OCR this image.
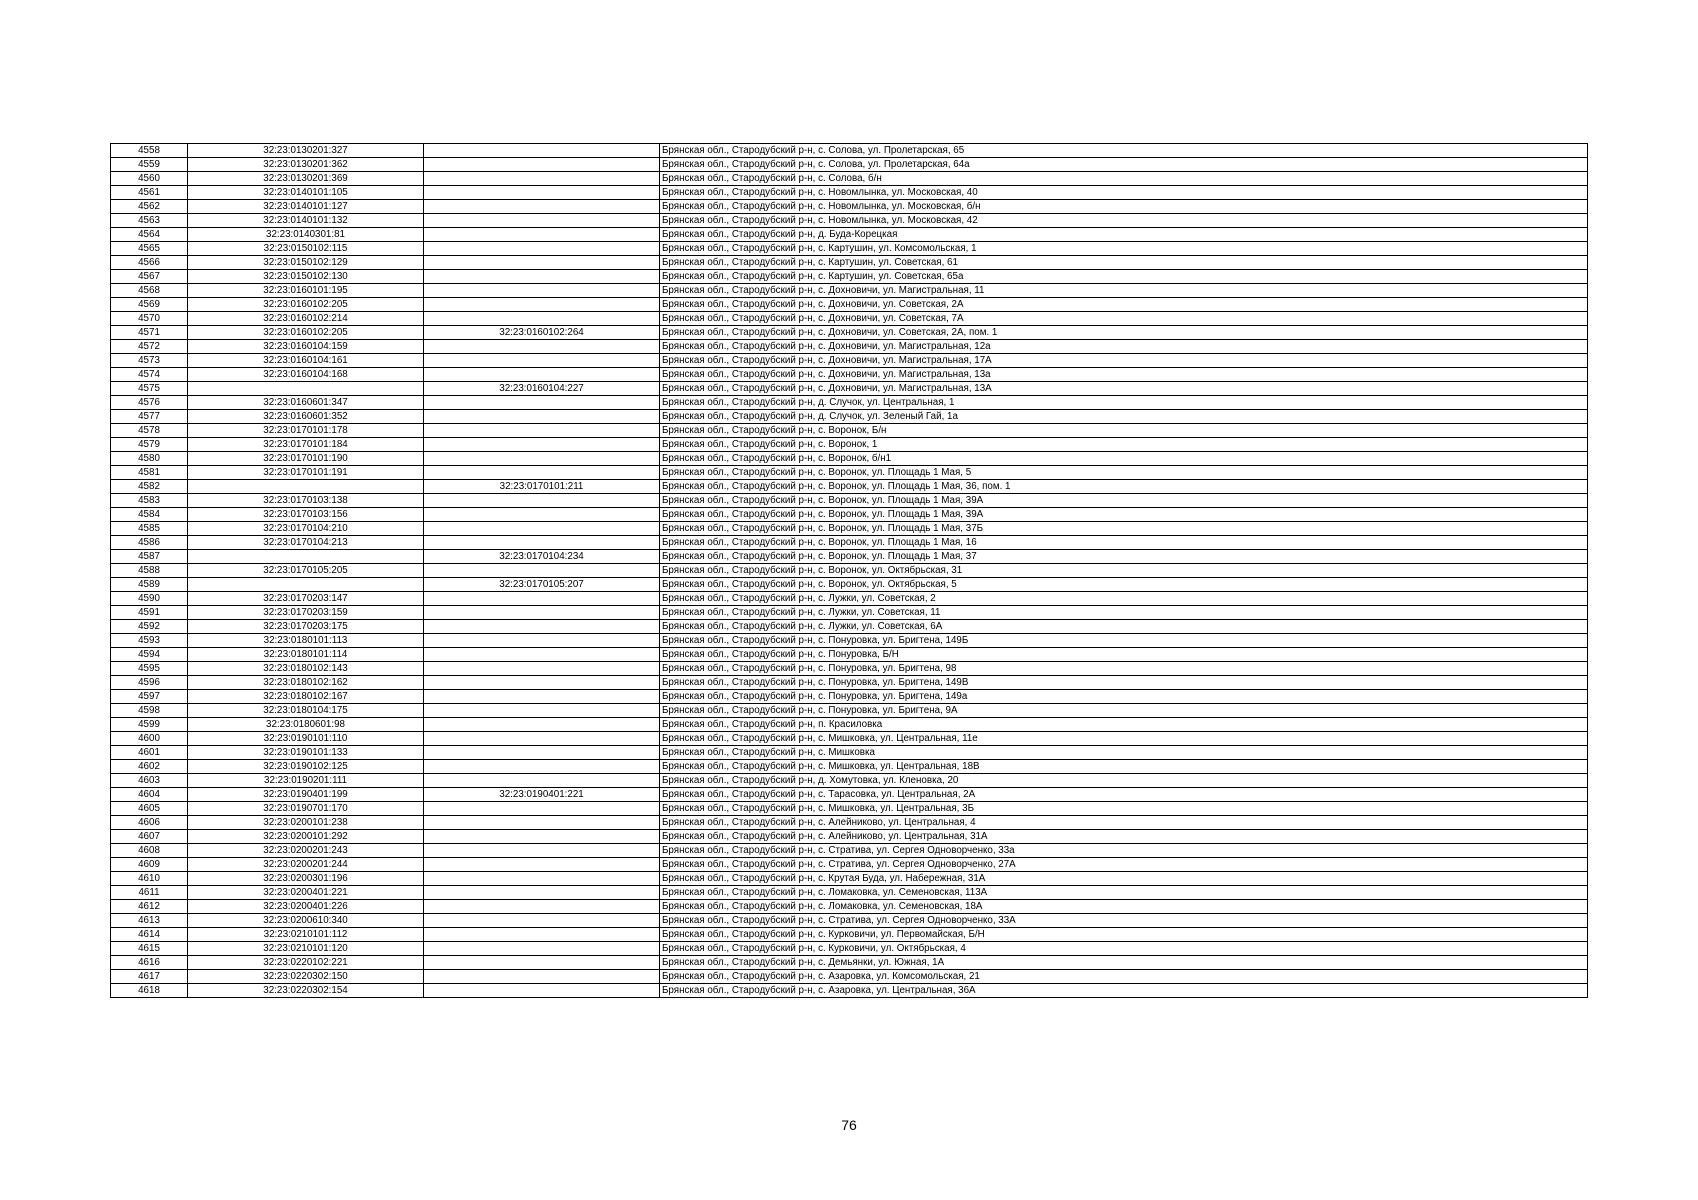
4558	32:23:0130201:327		Брянская обл., Стародубский р-н, с. Солова, ул. Пролетарская, 65
4559	32:23:0130201:362		Брянская обл., Стародубский р-н, с. Солова, ул. Пролетарская, 64а
4560	32:23:0130201:369		Брянская обл., Стародубский р-н, с. Солова, б/н
4561	32:23:0140101:105		Брянская обл., Стародубский р-н, с. Новомлынка, ул. Московская, 40
4562	32:23:0140101:127		Брянская обл., Стародубский р-н, с. Новомлынка, ул. Московская, б/н
4563	32:23:0140101:132		Брянская обл., Стародубский р-н, с. Новомлынка, ул. Московская, 42
4564	32:23:0140301:81		Брянская обл., Стародубский р-н, д. Буда-Корецкая
4565	32:23:0150102:115		Брянская обл., Стародубский р-н, с. Картушин, ул. Комсомольская, 1
4566	32:23:0150102:129		Брянская обл., Стародубский р-н, с. Картушин, ул. Советская, 61
4567	32:23:0150102:130		Брянская обл., Стародубский р-н, с. Картушин, ул. Советская, 65а
4568	32:23:0160101:195		Брянская обл., Стародубский р-н, с. Дохновичи, ул. Магистральная, 11
4569	32:23:0160102:205		Брянская обл., Стародубский р-н, с. Дохновичи, ул. Советская, 2А
4570	32:23:0160102:214		Брянская обл., Стародубский р-н, с. Дохновичи, ул. Советская, 7А
4571	32:23:0160102:205	32:23:0160102:264	Брянская обл., Стародубский р-н, с. Дохновичи, ул. Советская, 2А, пом. 1
4572	32:23:0160104:159		Брянская обл., Стародубский р-н, с. Дохновичи, ул. Магистральная, 12а
4573	32:23:0160104:161		Брянская обл., Стародубский р-н, с. Дохновичи, ул. Магистральная, 17А
4574	32:23:0160104:168		Брянская обл., Стародубский р-н, с. Дохновичи, ул. Магистральная, 13а
4575		32:23:0160104:227	Брянская обл., Стародубский р-н, с. Дохновичи, ул. Магистральная, 13А
4576	32:23:0160601:347		Брянская обл., Стародубский р-н, д. Случок, ул. Центральная, 1
4577	32:23:0160601:352		Брянская обл., Стародубский р-н, д. Случок, ул. Зеленый Гай, 1а
4578	32:23:0170101:178		Брянская обл., Стародубский р-н, с. Воронок, Б/н
4579	32:23:0170101:184		Брянская обл., Стародубский р-н, с. Воронок, 1
4580	32:23:0170101:190		Брянская обл., Стародубский р-н, с. Воронок, б/н1
4581	32:23:0170101:191		Брянская обл., Стародубский р-н, с. Воронок, ул. Площадь 1 Мая, 5
4582		32:23:0170101:211	Брянская обл., Стародубский р-н, с. Воронок, ул. Площадь 1 Мая, 36, пом. 1
4583	32:23:0170103:138		Брянская обл., Стародубский р-н, с. Воронок, ул. Площадь 1 Мая, 39А
4584	32:23:0170103:156		Брянская обл., Стародубский р-н, с. Воронок, ул. Площадь 1 Мая, 39А
4585	32:23:0170104:210		Брянская обл., Стародубский р-н, с. Воронок, ул. Площадь 1 Мая, 37Б
4586	32:23:0170104:213		Брянская обл., Стародубский р-н, с. Воронок, ул. Площадь 1 Мая, 16
4587		32:23:0170104:234	Брянская обл., Стародубский р-н, с. Воронок, ул. Площадь 1 Мая, 37
4588	32:23:0170105:205		Брянская обл., Стародубский р-н, с. Воронок, ул. Октябрьская, 31
4589		32:23:0170105:207	Брянская обл., Стародубский р-н, с. Воронок, ул. Октябрьская, 5
4590	32:23:0170203:147		Брянская обл., Стародубский р-н, с. Лужки, ул. Советская, 2
4591	32:23:0170203:159		Брянская обл., Стародубский р-н, с. Лужки, ул. Советская, 11
4592	32:23:0170203:175		Брянская обл., Стародубский р-н, с. Лужки, ул. Советская, 6А
4593	32:23:0180101:113		Брянская обл., Стародубский р-н, с. Понуровка, ул. Бригтена, 149Б
4594	32:23:0180101:114		Брянская обл., Стародубский р-н, с. Понуровка, Б/Н
4595	32:23:0180102:143		Брянская обл., Стародубский р-н, с. Понуровка, ул. Бригтена, 98
4596	32:23:0180102:162		Брянская обл., Стародубский р-н, с. Понуровка, ул. Бригтена, 149В
4597	32:23:0180102:167		Брянская обл., Стародубский р-н, с. Понуровка, ул. Бригтена, 149а
4598	32:23:0180104:175		Брянская обл., Стародубский р-н, с. Понуровка, ул. Бригтена, 9А
4599	32:23:0180601:98		Брянская обл., Стародубский р-н, п. Красиловка
4600	32:23:0190101:110		Брянская обл., Стародубский р-н, с. Мишковка, ул. Центральная, 11е
4601	32:23:0190101:133		Брянская обл., Стародубский р-н, с. Мишковка
4602	32:23:0190102:125		Брянская обл., Стародубский р-н, с. Мишковка, ул. Центральная, 18В
4603	32:23:0190201:111		Брянская обл., Стародубский р-н, д. Хомутовка, ул. Кленовка, 20
4604	32:23:0190401:199	32:23:0190401:221	Брянская обл., Стародубский р-н, с. Тарасовка, ул. Центральная, 2А
4605	32:23:0190701:170		Брянская обл., Стародубский р-н, с. Мишковка, ул. Центральная, 3Б
4606	32:23:0200101:238		Брянская обл., Стародубский р-н, с. Алейниково, ул. Центральная, 4
4607	32:23:0200101:292		Брянская обл., Стародубский р-н, с. Алейниково, ул. Центральная, 31А
4608	32:23:0200201:243		Брянская обл., Стародубский р-н, с. Стратива, ул. Сергея Одноворченко, 33а
4609	32:23:0200201:244		Брянская обл., Стародубский р-н, с. Стратива, ул. Сергея Одноворченко, 27А
4610	32:23:0200301:196		Брянская обл., Стародубский р-н, с. Крутая Буда, ул. Набережная, 31А
4611	32:23:0200401:221		Брянская обл., Стародубский р-н, с. Ломаковка, ул. Семеновская, 113А
4612	32:23:0200401:226		Брянская обл., Стародубский р-н, с. Ломаковка, ул. Семеновская, 18А
4613	32:23:0200610:340		Брянская обл., Стародубский р-н, с. Стратива, ул. Сергея Одноворченко, 33А
4614	32:23:0210101:112		Брянская обл., Стародубский р-н, с. Курковичи, ул. Первомайская, Б/Н
4615	32:23:0210101:120		Брянская обл., Стародубский р-н, с. Курковичи, ул. Октябрьская, 4
4616	32:23:0220102:221		Брянская обл., Стародубский р-н, с. Демьянки, ул. Южная, 1А
4617	32:23:0220302:150		Брянская обл., Стародубский р-н, с. Азаровка, ул. Комсомольская, 21
4618	32:23:0220302:154		Брянская обл., Стародубский р-н, с. Азаровка, ул. Центральная, 36А
76
